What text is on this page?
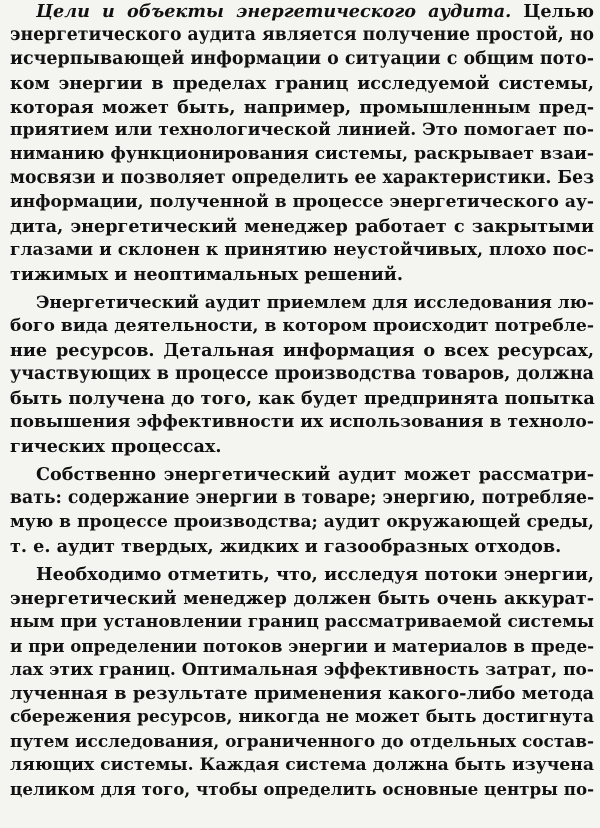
Цели и объекты энергетического аудита. Целью
энергетического аудита является получение простой, но
исчерпывающей информации о ситуации с общим пото-
ком энергии в пределах границ исследуемой системы,
которая может быть, например, промышленным пред-
приятием или технологической линией. Это помогает по-
ниманию функционирования системы, раскрывает взаи-
мосвязи и позволяет определить ее характеристики. Без
информации, полученной в процессе энергетического ау-
дита, энергетический менеджер работает с закрытыми
глазами и склонен к принятию неустойчивых, плохо пос-
тижимых и неоптимальных решений.
Энергетический аудит приемлем для исследования лю-
бого вида деятельности, в котором происходит потребле-
ние ресурсов. Детальная информация о всех ресурсах,
участвующих в процессе производства товаров, должна
быть получена до того, как будет предпринята попытка
повышения эффективности их использования в техноло-
гических процессах.
Собственно энергетический аудит может рассматри-
вать: содержание энергии в товаре; энергию, потребляе-
мую в процессе производства; аудит окружающей среды,
т. е. аудит твердых, жидких и газообразных отходов.
Необходимо отметить, что, исследуя потоки энергии,
энергетический менеджер должен быть очень аккурат-
ным при установлении границ рассматриваемой системы
и при определении потоков энергии и материалов в преде-
лах этих границ. Оптимальная эффективность затрат, по-
лученная в результате применения какого-либо метода
сбережения ресурсов, никогда не может быть достигнута
путем исследования, ограниченного до отдельных состав-
ляющих системы. Каждая система должна быть изучена
целиком для того, чтобы определить основные центры по-
